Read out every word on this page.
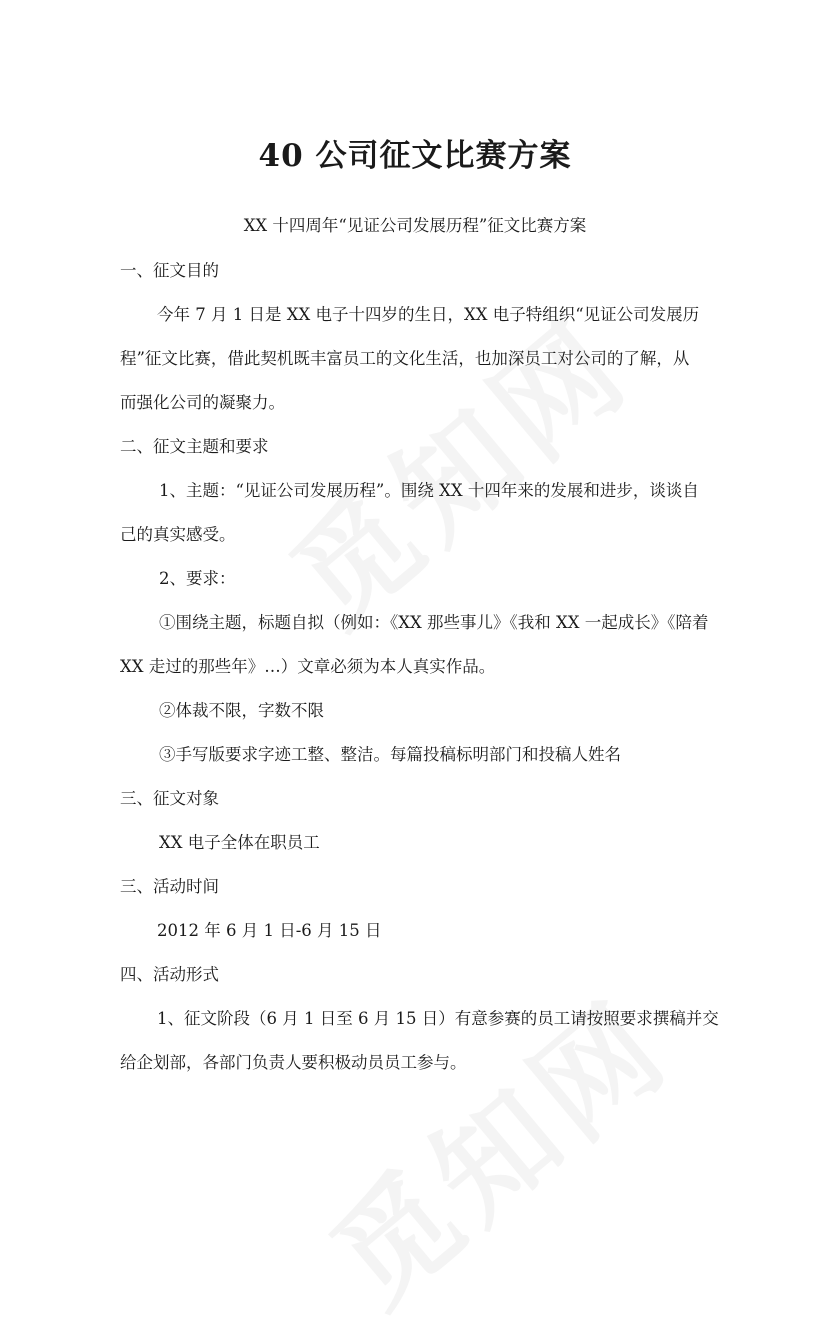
40 公司征文比赛方案
XX 十四周年“见证公司发展历程”征文比赛方案
一、征文目的
今年 7 月 1 日是 XX 电子十四岁的生日，XX 电子特组织“见证公司发展历
程”征文比赛，借此契机既丰富员工的文化生活，也加深员工对公司的了解，从
而强化公司的凝聚力。
二、征文主题和要求
1、主题：“见证公司发展历程”。围绕 XX 十四年来的发展和进步，谈谈自
己的真实感受。
2、要求：
①围绕主题，标题自拟（例如：《XX 那些事儿》《我和 XX 一起成长》《陪着
XX 走过的那些年》…）文章必须为本人真实作品。
②体裁不限，字数不限
③手写版要求字迹工整、整洁。每篇投稿标明部门和投稿人姓名
三、征文对象
XX 电子全体在职员工
三、活动时间
2012 年 6 月 1 日-6 月 15 日
四、活动形式
1、征文阶段（6 月 1 日至 6 月 15 日）有意参赛的员工请按照要求撰稿并交
给企划部，各部门负责人要积极动员员工参与。
